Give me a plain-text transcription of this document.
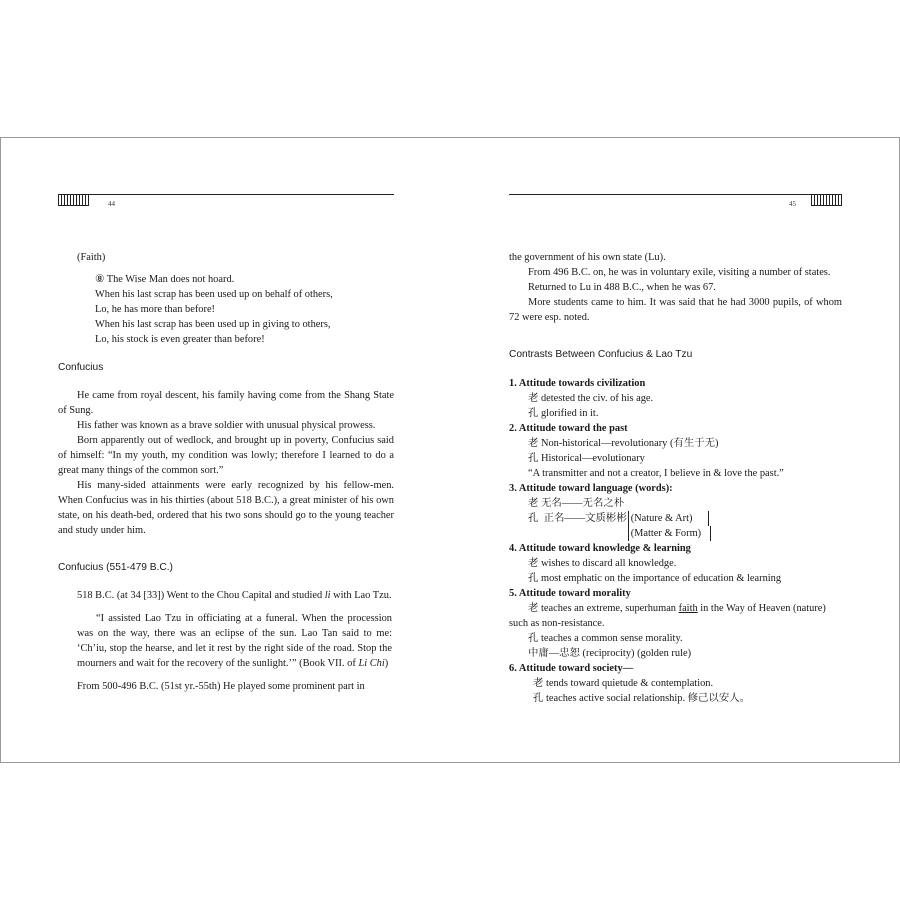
44

(Faith)

⑧ The Wise Man does not hoard.

When his last scrap has been used up on behalf of others,

Lo, he has more than before!

When his last scrap has been used up in giving to others,

Lo, his stock is even greater than before!

Confucius

He came from royal descent, his family having come from the Shang State of Sung.

His father was known as a brave soldier with unusual physical prowess.

Born apparently out of wedlock, and brought up in poverty, Confucius said of himself: “In my youth, my condition was lowly; therefore I learned to do a great many things of the common sort.”

His many-sided attainments were early recognized by his fellow-men. When Confucius was in his thirties (about 518 B.C.), a great minister of his own state, on his death-bed, ordered that his two sons should go to the young teacher and study under him.

Confucius (551-479 B.C.)

518 B.C. (at 34 [33]) Went to the Chou Capital and studied li with Lao Tzu.

“I assisted Lao Tzu in officiating at a funeral. When the procession was on the way, there was an eclipse of the sun. Lao Tan said to me: ‘Ch’iu, stop the hearse, and let it rest by the right side of the road. Stop the mourners and wait for the recovery of the sunlight.’” (Book VII. of Li Chi)

From 500-496 B.C. (51st yr.-55th) He played some prominent part in

45

the government of his own state (Lu).

From 496 B.C. on, he was in voluntary exile, visiting a number of states.

Returned to Lu in 488 B.C., when he was 67.

More students came to him. It was said that he had 3000 pupils, of whom 72 were esp. noted.

Contrasts Between Confucius & Lao Tzu

1. Attitude towards civilization

老 detested the civ. of his age.

孔 glorified in it.

2. Attitude toward the past

老 Non-historical—revolutionary (有生于无)

孔 Historical—evolutionary

“A transmitter and not a creator, I believe in & love the past.”

3. Attitude toward language (words):

老 无名——无名之朴

孔  正名——文质彬彬 (Nature & Art)
(Matter & Form)

4. Attitude toward knowledge & learning

老 wishes to discard all knowledge.

孔 most emphatic on the importance of education & learning

5. Attitude toward morality

老 teaches an extreme, superhuman faith in the Way of Heaven (nature) such as non-resistance.

孔 teaches a common sense morality.

中庸—忠恕 (reciprocity) (golden rule)

6. Attitude toward society—

老 tends toward quietude & contemplation.

孔 teaches active social relationship. 修己以安人。
